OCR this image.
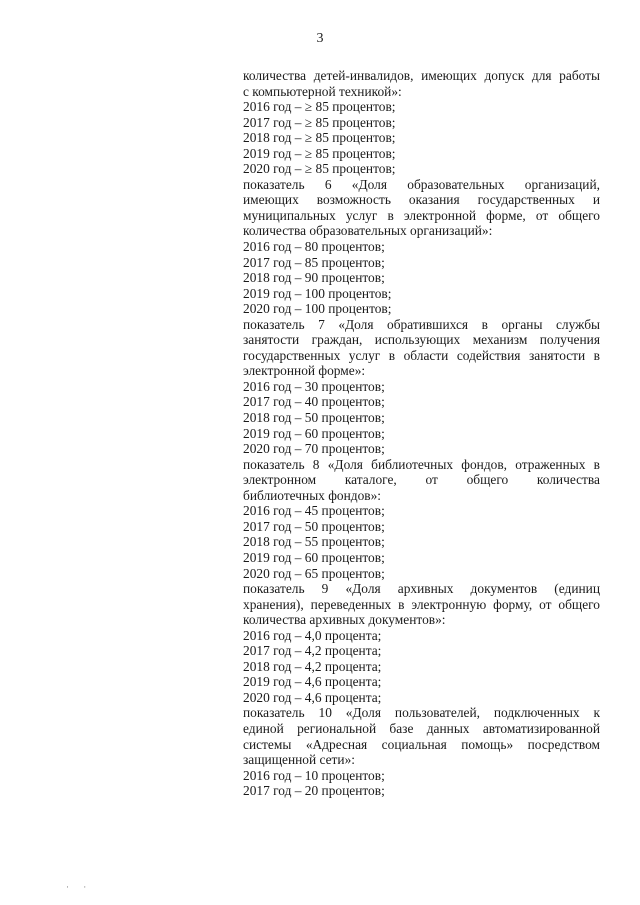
3
количества детей-инвалидов, имеющих допуск для работы
с компьютерной техникой»:
2016 год – ≥ 85 процентов;
2017 год – ≥ 85 процентов;
2018 год – ≥ 85 процентов;
2019 год – ≥ 85 процентов;
2020 год – ≥ 85 процентов;
показатель 6 «Доля образовательных организаций,
имеющих возможность оказания государственных и
муниципальных услуг в электронной форме, от общего
количества образовательных организаций»:
2016 год – 80 процентов;
2017 год – 85 процентов;
2018 год – 90 процентов;
2019 год – 100 процентов;
2020 год – 100 процентов;
показатель 7 «Доля обратившихся в органы службы
занятости граждан, использующих механизм получения
государственных услуг в области содействия занятости в
электронной форме»:
2016 год – 30 процентов;
2017 год – 40 процентов;
2018 год – 50 процентов;
2019 год – 60 процентов;
2020 год – 70 процентов;
показатель 8 «Доля библиотечных фондов, отраженных в
электронном каталоге, от общего количества
библиотечных фондов»:
2016 год – 45 процентов;
2017 год – 50 процентов;
2018 год – 55 процентов;
2019 год – 60 процентов;
2020 год – 65 процентов;
показатель 9 «Доля архивных документов (единиц
хранения), переведенных в электронную форму, от общего
количества архивных документов»:
2016 год – 4,0 процента;
2017 год – 4,2 процента;
2018 год – 4,2 процента;
2019 год – 4,6 процента;
2020 год – 4,6 процента;
показатель 10 «Доля пользователей, подключенных к
единой региональной базе данных автоматизированной
системы «Адресная социальная помощь» посредством
защищенной сети»:
2016 год – 10 процентов;
2017 год – 20 процентов;
· ·
